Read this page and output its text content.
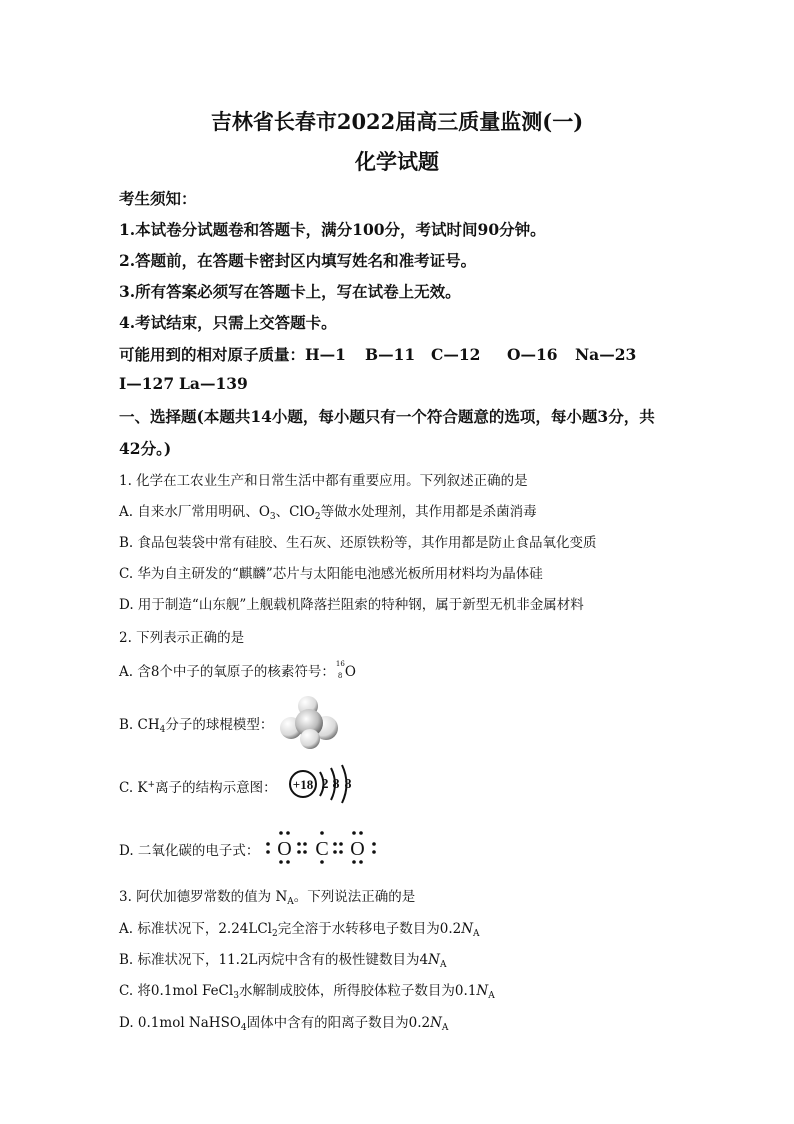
吉林省长春市2022届高三质量监测(一)
化学试题
考生须知：
1.本试卷分试题卷和答题卡，满分100分，考试时间90分钟。
2.答题前，在答题卡密封区内填写姓名和准考证号。
3.所有答案必须写在答题卡上，写在试卷上无效。
4.考试结束，只需上交答题卡。
可能用到的相对原子质量：H—1 B—11 C—12 O—16 Na—23
I—127 La—139
一、选择题(本题共14小题，每小题只有一个符合题意的选项，每小题3分，共
42分。)
1. 化学在工农业生产和日常生活中都有重要应用。下列叙述正确的是
A. 自来水厂常用明矾、$O_3$、ClO$_2$等做水处理剂，其作用都是杀菌消毒
B. 食品包装袋中常有硅胶、生石灰、还原铁粉等，其作用都是防止食品氧化变质
C. 华为自主研发的“麒麟”芯片与太阳能电池感光板所用材料均为晶体硅
D. 用于制造“山东舰”上舰载机降落拦阻索的特种钢，属于新型无机非金属材料
2. 下列表示正确的是
A. 含8个中子的氧原子的核素符号： 16
8 O
B. $CH_4$分子的球棍模型：
C. K+离子的结构示意图： +18 2 8 8
D. 二氧化碳的电子式： O C O
3. 阿伏加德罗常数的值为 $N_A$。下列说法正确的是
A. 标准状况下，2.24LCl$_2$完全溶于水转移电子数目为$0.2N_A$
B. 标准状况下，11.2L丙烷中含有的极性键数目为$4N_A$
C. 将0.1mol FeCl$_3$水解制成胶体，所得胶体粒子数目为$0.1N_A$
D. 0.1mol NaHSO$_4$固体中含有的阳离子数目为$0.2N_A$
